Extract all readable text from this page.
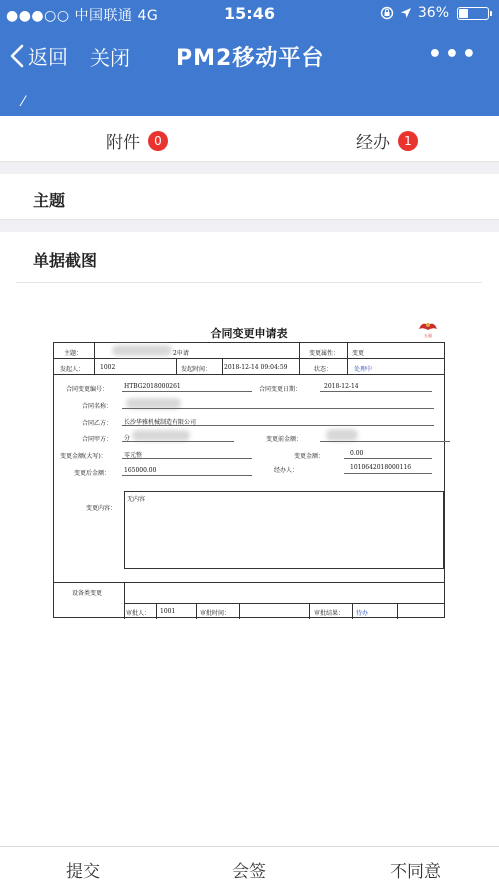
●●●○○ 中国联通 4G	15:46	36%
返回 关闭 PM2移动平台	•••
⁄
附件	0	经办	1
主题
单据截图
合同变更申请表	五福
主题：	2申请	变更属性： 变更
发起人：	1002	发起时间： 2018-12-14 09:04:59	状态：	处理中
合同变更编号：	HTBG2018000261	合同变更日期：	2018-12-14
合同名称：
合同乙方： 长沙华雅机械制造有限公司
合同甲方： 分	变更前金额：
变更金额(大写)：	零元整	变更金额：	0.00
变更后金额： 165000.00	经办人：	1010642018000116
变更内容：
无内容
设备类变更
审批人： 1001	审批时间：	审批结果： 待办
提交	会签	不同意
